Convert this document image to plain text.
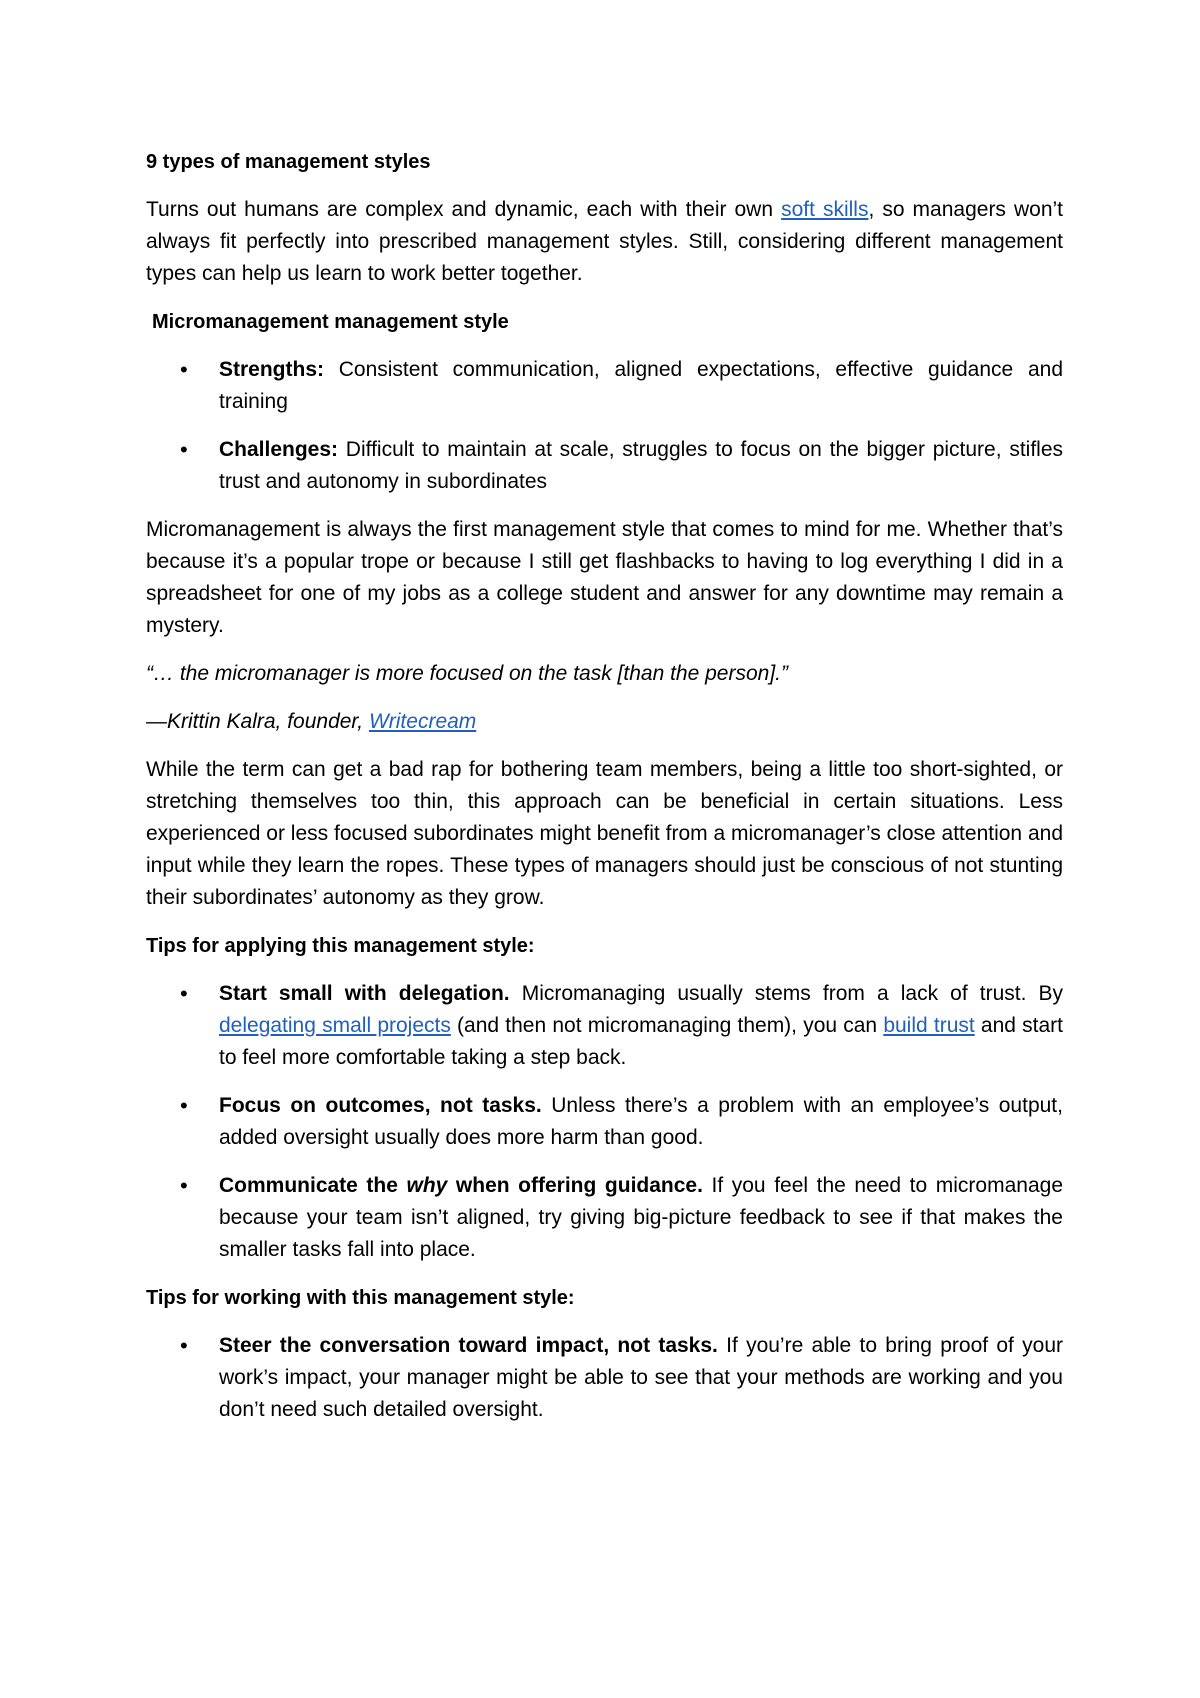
9 types of management styles

Turns out humans are complex and dynamic, each with their own soft skills, so managers won’t always fit perfectly into prescribed management styles. Still, considering different management types can help us learn to work better together.

Micromanagement management style

• Strengths: Consistent communication, aligned expectations, effective guidance and training
• Challenges: Difficult to maintain at scale, struggles to focus on the bigger picture, stifles trust and autonomy in subordinates

Micromanagement is always the first management style that comes to mind for me. Whether that’s because it’s a popular trope or because I still get flashbacks to having to log everything I did in a spreadsheet for one of my jobs as a college student and answer for any downtime may remain a mystery.

“… the micromanager is more focused on the task [than the person].”

—Krittin Kalra, founder, Writecream

While the term can get a bad rap for bothering team members, being a little too short-sighted, or stretching themselves too thin, this approach can be beneficial in certain situations. Less experienced or less focused subordinates might benefit from a micromanager’s close attention and input while they learn the ropes. These types of managers should just be conscious of not stunting their subordinates’ autonomy as they grow.

Tips for applying this management style:

• Start small with delegation. Micromanaging usually stems from a lack of trust. By delegating small projects (and then not micromanaging them), you can build trust and start to feel more comfortable taking a step back.
• Focus on outcomes, not tasks. Unless there’s a problem with an employee’s output, added oversight usually does more harm than good.
• Communicate the why when offering guidance. If you feel the need to micromanage because your team isn’t aligned, try giving big-picture feedback to see if that makes the smaller tasks fall into place.

Tips for working with this management style:

• Steer the conversation toward impact, not tasks. If you’re able to bring proof of your work’s impact, your manager might be able to see that your methods are working and you don’t need such detailed oversight.
